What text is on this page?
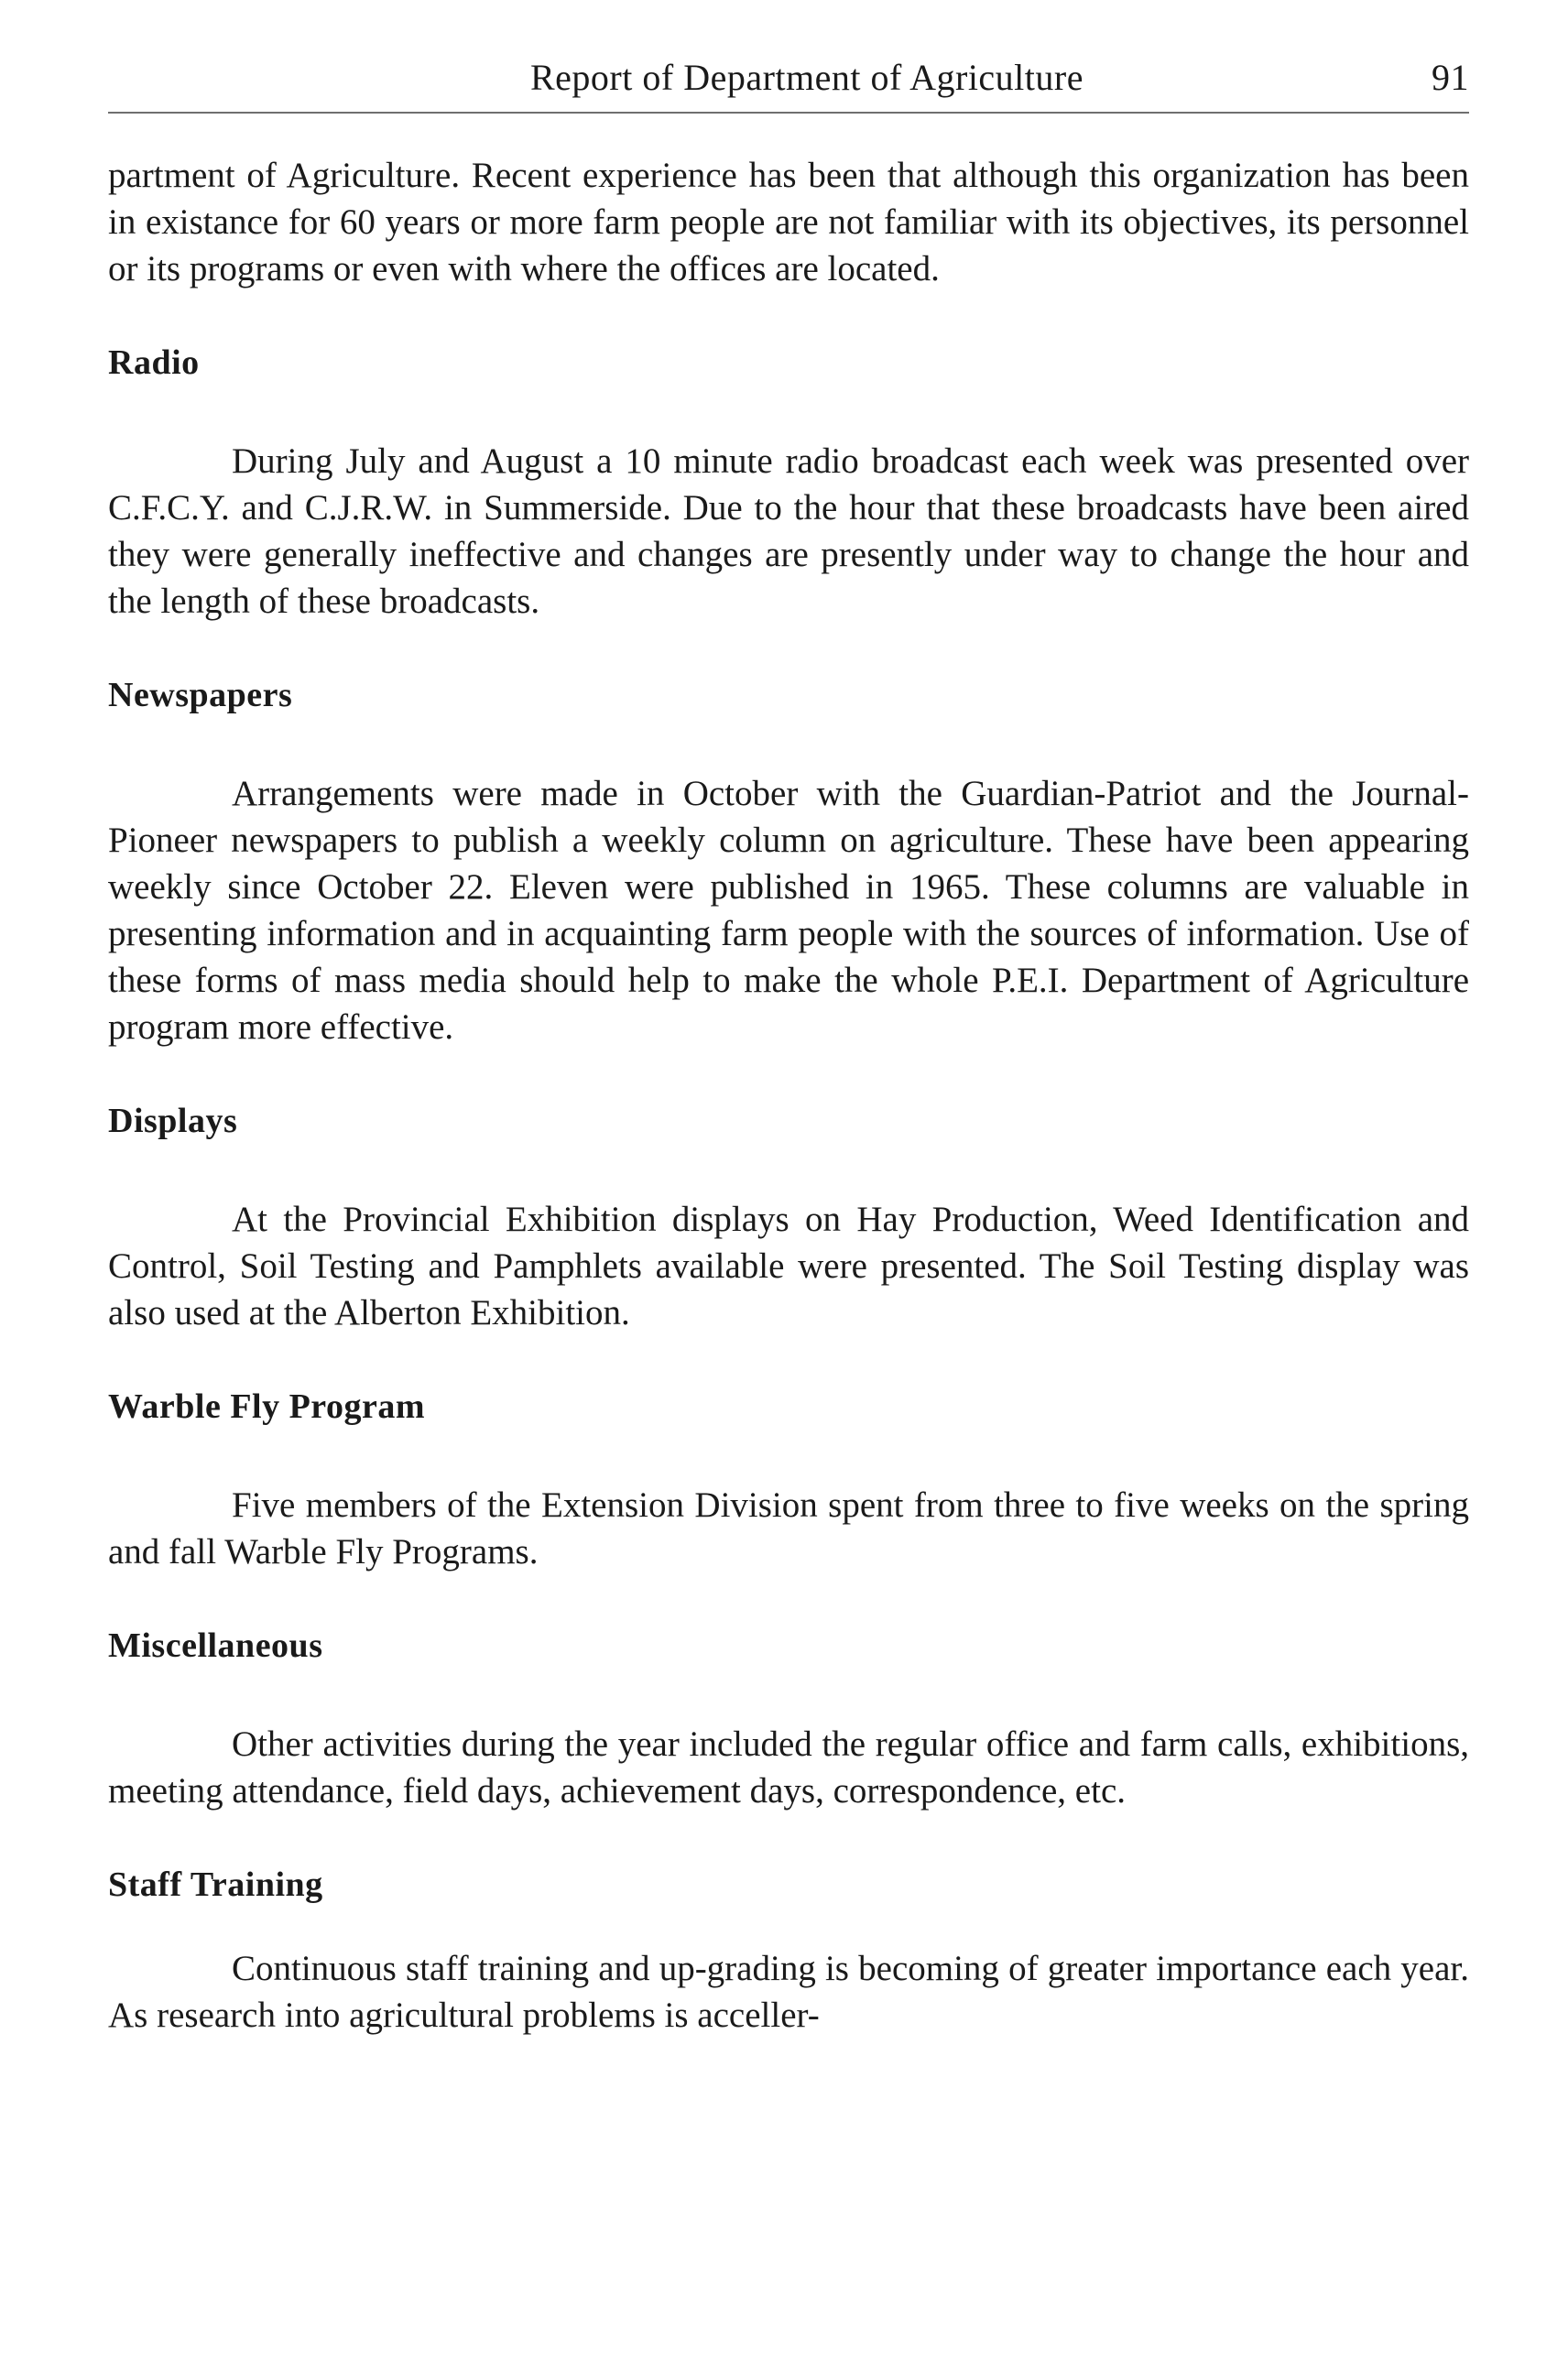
Report of Department of Agriculture	91

partment of Agriculture. Recent experience has been that although this organization has been in existance for 60 years or more farm people are not familiar with its objectives, its personnel or its programs or even with where the offices are located.

Radio

During July and August a 10 minute radio broadcast each week was presented over C.F.C.Y. and C.J.R.W. in Summerside. Due to the hour that these broadcasts have been aired they were generally ineffective and changes are presently under way to change the hour and the length of these broadcasts.

Newspapers

Arrangements were made in October with the Guardian-Patriot and the Journal-Pioneer newspapers to publish a weekly column on agriculture. These have been appearing weekly since October 22. Eleven were published in 1965. These columns are valuable in presenting information and in acquainting farm people with the sources of information. Use of these forms of mass media should help to make the whole P.E.I. Department of Agriculture program more effective.

Displays

At the Provincial Exhibition displays on Hay Production, Weed Identification and Control, Soil Testing and Pamphlets available were presented. The Soil Testing display was also used at the Alberton Exhibition.

Warble Fly Program

Five members of the Extension Division spent from three to five weeks on the spring and fall Warble Fly Programs.

Miscellaneous

Other activities during the year included the regular office and farm calls, exhibitions, meeting attendance, field days, achievement days, correspondence, etc.

Staff Training

Continuous staff training and up-grading is becoming of greater importance each year. As research into agricultural problems is acceller-
